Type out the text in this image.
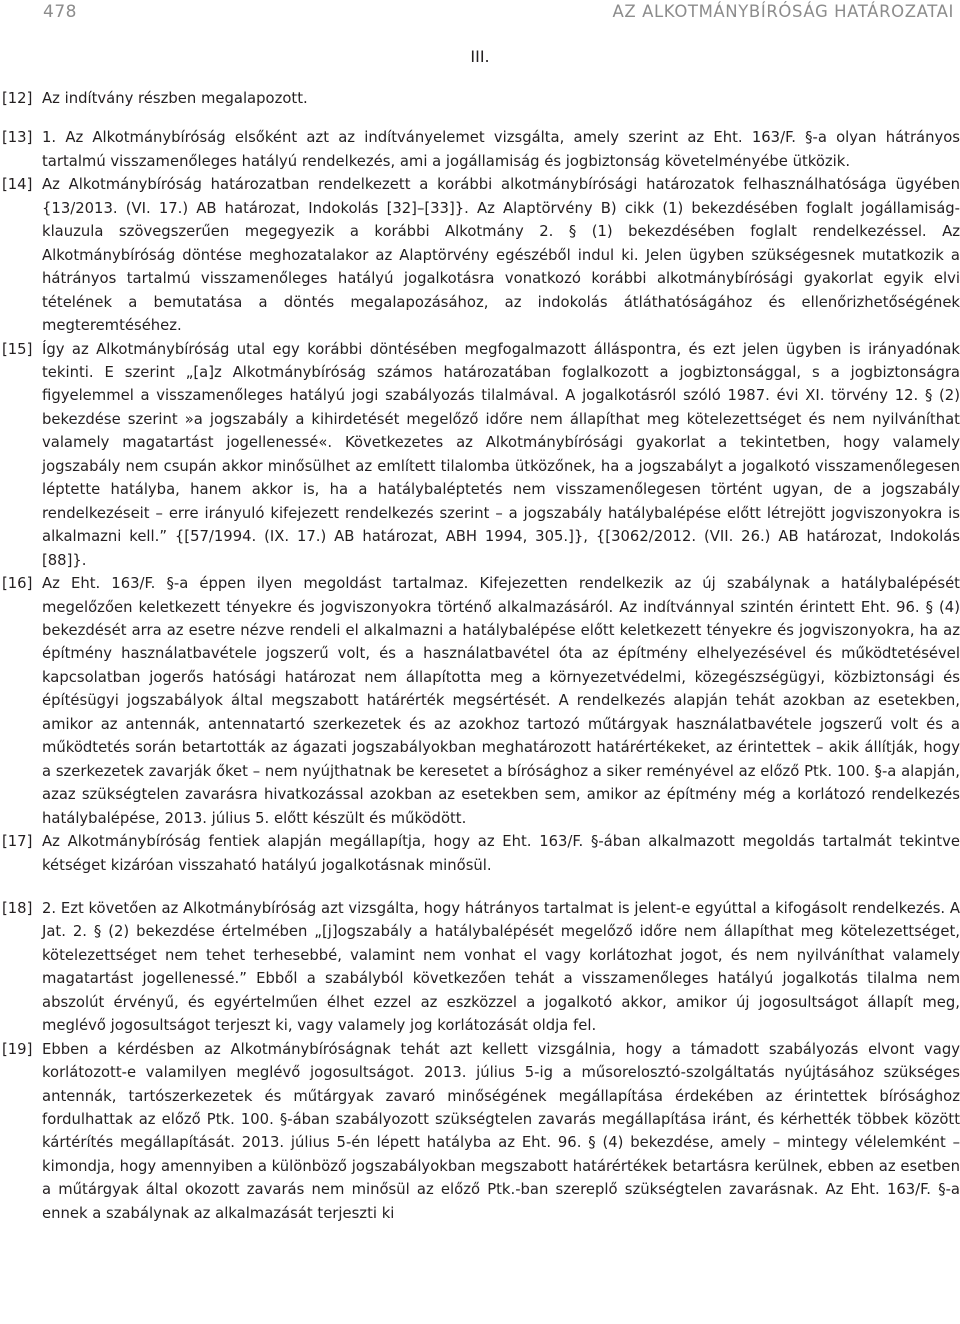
478	AZ ALKOTMÁNYBÍRÓSÁG HATÁROZATAI
III.
[12] Az indítvány részben megalapozott.
[13] 1. Az Alkotmánybíróság elsőként azt az indítványelemet vizsgálta, amely szerint az Eht. 163/F. §-a olyan hátrányos tartalmú visszamenőleges hatályú rendelkezés, ami a jogállamiság és jogbiztonság követelményébe ütközik.
[14] Az Alkotmánybíróság határozatban rendelkezett a korábbi alkotmánybírósági határozatok felhasználhatósága ügyében {13/2013. (VI. 17.) AB határozat, Indokolás [32]–[33]}. Az Alaptörvény B) cikk (1) bekezdésében foglalt jogállamiság-klauzula szövegszerűen megegyezik a korábbi Alkotmány 2. § (1) bekezdésében foglalt rendelkezéssel. Az Alkotmánybíróság döntése meghozatalakor az Alaptörvény egészéből indul ki. Jelen ügyben szükségesnek mutatkozik a hátrányos tartalmú visszamenőleges hatályú jogalkotásra vonatkozó korábbi alkotmánybírósági gyakorlat egyik elvi tételének a bemutatása a döntés megalapozásához, az indokolás átláthatóságához és ellenőrizhetőségének megteremtéséhez.
[15] Így az Alkotmánybíróság utal egy korábbi döntésében megfogalmazott álláspontra, és ezt jelen ügyben is irányadónak tekinti. E szerint „[a]z Alkotmánybíróság számos határozatában foglalkozott a jogbiztonsággal, s a jogbiztonságra figyelemmel a visszamenőleges hatályú jogi szabályozás tilalmával. A jogalkotásról szóló 1987. évi XI. törvény 12. § (2) bekezdése szerint »a jogszabály a kihirdetését megelőző időre nem állapíthat meg kötelezettséget és nem nyilváníthat valamely magatartást jogellenessé«. Következetes az Alkotmánybírósági gyakorlat a tekintetben, hogy valamely jogszabály nem csupán akkor minősülhet az említett tilalomba ütközőnek, ha a jogszabályt a jogalkotó visszamenőlegesen léptette hatályba, hanem akkor is, ha a hatálybaléptetés nem visszamenőlegesen történt ugyan, de a jogszabály rendelkezéseit – erre irányuló kifejezett rendelkezés szerint – a jogszabály hatálybalépése előtt létrejött jogviszonyokra is alkalmazni kell.” {[57/1994. (IX. 17.) AB határozat, ABH 1994, 305.]}, {[3062/2012. (VII. 26.) AB határozat, Indokolás [88]}.
[16] Az Eht. 163/F. §-a éppen ilyen megoldást tartalmaz. Kifejezetten rendelkezik az új szabálynak a hatálybalépését megelőzően keletkezett tényekre és jogviszonyokra történő alkalmazásáról. Az indítvánnyal szintén érintett Eht. 96. § (4) bekezdését arra az esetre nézve rendeli el alkalmazni a hatálybalépése előtt keletkezett tényekre és jogviszonyokra, ha az építmény használatbavétele jogszerű volt, és a használatbavétel óta az építmény elhelyezésével és működtetésével kapcsolatban jogerős hatósági határozat nem állapította meg a környezetvédelmi, közegészségügyi, közbiztonsági és építésügyi jogszabályok által megszabott határérték megsértését. A rendelkezés alapján tehát azokban az esetekben, amikor az antennák, antennatartó szerkezetek és az azokhoz tartozó műtárgyak használatbavétele jogszerű volt és a működtetés során betartották az ágazati jogszabályokban meghatározott határértékeket, az érintettek – akik állítják, hogy a szerkezetek zavarják őket – nem nyújthatnak be keresetet a bírósághoz a siker reményével az előző Ptk. 100. §-a alapján, azaz szükségtelen zavarásra hivatkozással azokban az esetekben sem, amikor az építmény még a korlátozó rendelkezés hatálybalépése, 2013. július 5. előtt készült és működött.
[17] Az Alkotmánybíróság fentiek alapján megállapítja, hogy az Eht. 163/F. §-ában alkalmazott megoldás tartalmát tekintve kétséget kizáróan visszaható hatályú jogalkotásnak minősül.
[18] 2. Ezt követően az Alkotmánybíróság azt vizsgálta, hogy hátrányos tartalmat is jelent-e egyúttal a kifogásolt rendelkezés. A Jat. 2. § (2) bekezdése értelmében „[j]ogszabály a hatálybalépését megelőző időre nem állapíthat meg kötelezettséget, kötelezettséget nem tehet terhesebbé, valamint nem vonhat el vagy korlátozhat jogot, és nem nyilváníthat valamely magatartást jogellenessé.” Ebből a szabályból következően tehát a visszamenőleges hatályú jogalkotás tilalma nem abszolút érvényű, és egyértelműen élhet ezzel az eszközzel a jogalkotó akkor, amikor új jogosultságot állapít meg, meglévő jogosultságot terjeszt ki, vagy valamely jog korlátozását oldja fel.
[19] Ebben a kérdésben az Alkotmánybíróságnak tehát azt kellett vizsgálnia, hogy a támadott szabályozás elvont vagy korlátozott-e valamilyen meglévő jogosultságot. 2013. július 5-ig a műsorelosztó-szolgáltatás nyújtásához szükséges antennák, tartószerkezetek és műtárgyak zavaró minőségének megállapítása érdekében az érintettek bírósághoz fordulhattak az előző Ptk. 100. §-ában szabályozott szükségtelen zavarás megállapítása iránt, és kérhették többek között kártérítés megállapítását. 2013. július 5-én lépett hatályba az Eht. 96. § (4) bekezdése, amely – mintegy vélelemként – kimondja, hogy amennyiben a különböző jogszabályokban megszabott határértékek betartásra kerülnek, ebben az esetben a műtárgyak által okozott zavarás nem minősül az előző Ptk.-ban szereplő szükségtelen zavarásnak. Az Eht. 163/F. §-a ennek a szabálynak az alkalmazását terjeszti ki
